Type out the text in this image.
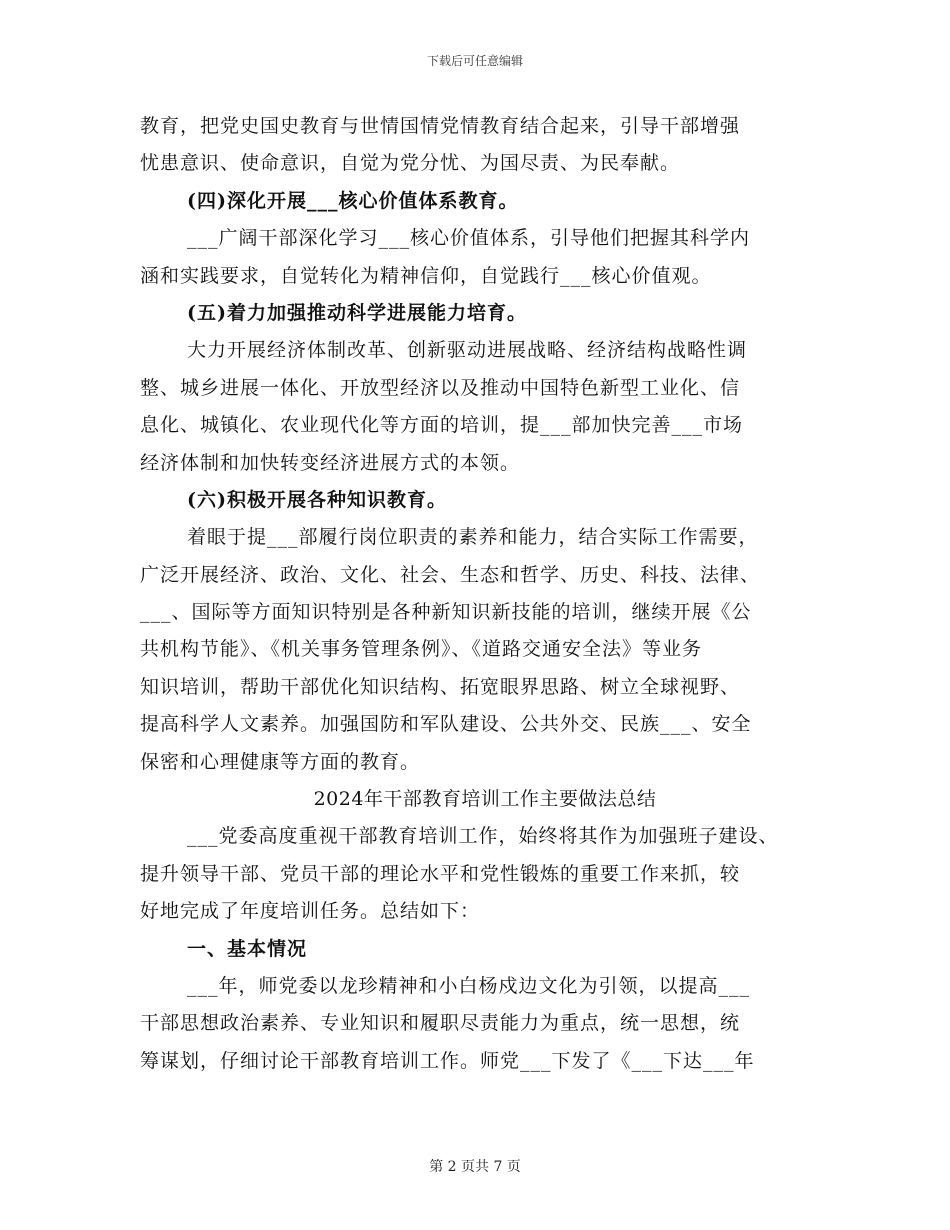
下载后可任意编辑
教育，把党史国史教育与世情国情党情教育结合起来，引导干部增强
忧患意识、使命意识，自觉为党分忧、为国尽责、为民奉献。
(四)深化开展___核心价值体系教育。
___广阔干部深化学习___核心价值体系，引导他们把握其科学内
涵和实践要求，自觉转化为精神信仰，自觉践行___核心价值观。
(五)着力加强推动科学进展能力培育。
大力开展经济体制改革、创新驱动进展战略、经济结构战略性调
整、城乡进展一体化、开放型经济以及推动中国特色新型工业化、信
息化、城镇化、农业现代化等方面的培训，提___部加快完善___市场
经济体制和加快转变经济进展方式的本领。
(六)积极开展各种知识教育。
着眼于提___部履行岗位职责的素养和能力，结合实际工作需要，
广泛开展经济、政治、文化、社会、生态和哲学、历史、科技、法律、
___、国际等方面知识特别是各种新知识新技能的培训，继续开展《公
共机构节能》、《机关事务管理条例》、《道路交通安全法》等业务
知识培训，帮助干部优化知识结构、拓宽眼界思路、树立全球视野、
提高科学人文素养。加强国防和军队建设、公共外交、民族___、安全
保密和心理健康等方面的教育。
2024年干部教育培训工作主要做法总结
___党委高度重视干部教育培训工作，始终将其作为加强班子建设、
提升领导干部、党员干部的理论水平和党性锻炼的重要工作来抓，较
好地完成了年度培训任务。总结如下：
一、基本情况
___年，师党委以龙珍精神和小白杨戍边文化为引领，以提高___
干部思想政治素养、专业知识和履职尽责能力为重点，统一思想，统
筹谋划，仔细讨论干部教育培训工作。师党___下发了《___下达___年
第 2 页共 7 页
